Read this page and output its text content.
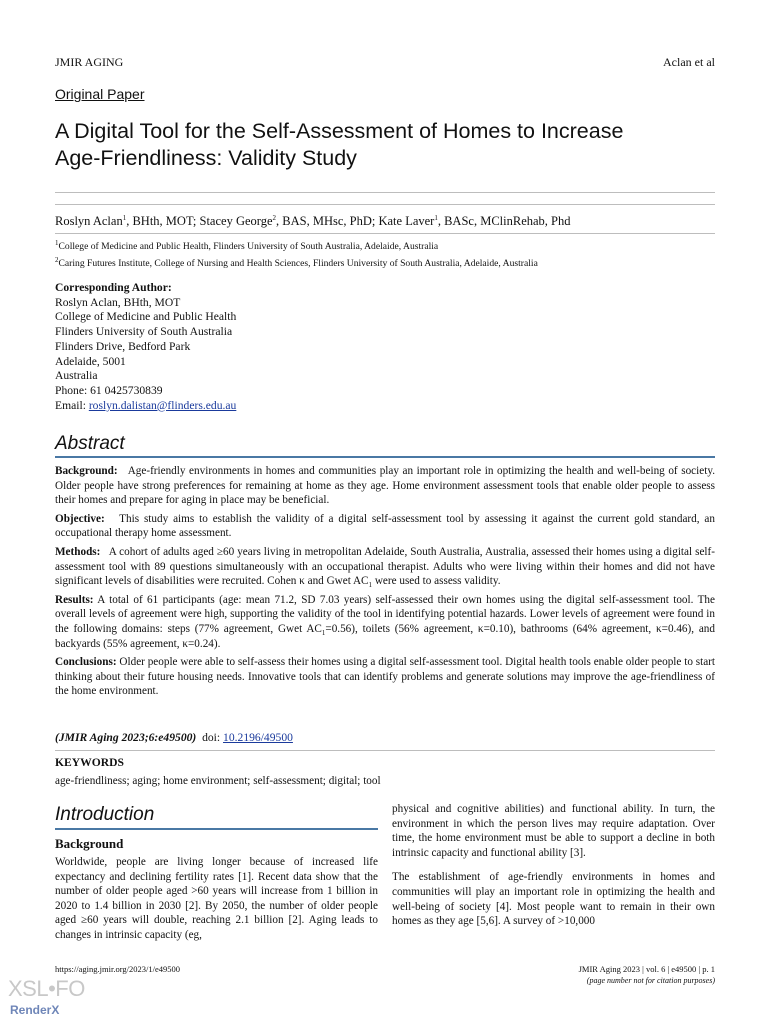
JMIR AGING	Aclan et al
Original Paper
A Digital Tool for the Self-Assessment of Homes to Increase
Age-Friendliness: Validity Study
Roslyn Aclan$^1$, BHth, MOT; Stacey George$^2$, BAS, MHsc, PhD; Kate Laver$^1$, BASc, MClinRehab, Phd
$^1$College of Medicine and Public Health, Flinders University of South Australia, Adelaide, Australia
$^2$Caring Futures Institute, College of Nursing and Health Sciences, Flinders University of South Australia, Adelaide, Australia
Corresponding Author:
Roslyn Aclan, BHth, MOT
College of Medicine and Public Health
Flinders University of South Australia
Flinders Drive, Bedford Park
Adelaide, 5001
Australia
Phone: 61 0425730839
Email: roslyn.dalistan@flinders.edu.au
Abstract

Background: Age-friendly environments in homes and communities play an important role in optimizing the health and well-being of society. Older people have strong preferences for remaining at home as they age. Home environment assessment tools that enable older people to assess their homes and prepare for aging in place may be beneficial.

Objective: This study aims to establish the validity of a digital self-assessment tool by assessing it against the current gold standard, an occupational therapy home assessment.

Methods: A cohort of adults aged ≥60 years living in metropolitan Adelaide, South Australia, Australia, assessed their homes using a digital self-assessment tool with 89 questions simultaneously with an occupational therapist. Adults who were living within their homes and did not have significant levels of disabilities were recruited. Cohen κ and Gwet $AC_1$ were used to assess validity.

Results: A total of 61 participants (age: mean 71.2, SD 7.03 years) self-assessed their own homes using the digital self-assessment tool. The overall levels of agreement were high, supporting the validity of the tool in identifying potential hazards. Lower levels of agreement were found in the following domains: steps (77% agreement, Gwet $AC_1=0.56$), toilets (56% agreement, κ=0.10), bathrooms (64% agreement, κ=0.46), and backyards (55% agreement, κ=0.24).

Conclusions: Older people were able to self-assess their homes using a digital self-assessment tool. Digital health tools enable older people to start thinking about their future housing needs. Innovative tools that can identify problems and generate solutions may improve the age-friendliness of the home environment.

(JMIR Aging 2023;6:e49500) doi: 10.2196/49500
KEYWORDS
age-friendliness; aging; home environment; self-assessment; digital; tool
Introduction
Background

Worldwide, people are living longer because of increased life expectancy and declining fertility rates [1]. Recent data show that the number of older people aged >60 years will increase from 1 billion in 2020 to 1.4 billion in 2030 [2]. By 2050, the number of older people aged ≥60 years will double, reaching 2.1 billion [2]. Aging leads to changes in intrinsic capacity (eg,

physical and cognitive abilities) and functional ability. In turn, the environment in which the person lives may require adaptation. Over time, the home environment must be able to support a decline in both intrinsic capacity and functional ability [3].

The establishment of age-friendly environments in homes and communities will play an important role in optimizing the health and well-being of society [4]. Most people want to remain in their own homes as they age [5,6]. A survey of >10,000

https://aging.jmir.org/2023/1/e49500	JMIR Aging 2023 | vol. 6 | e49500 | p. 1
(page number not for citation purposes)
XSL•FO
RenderX
